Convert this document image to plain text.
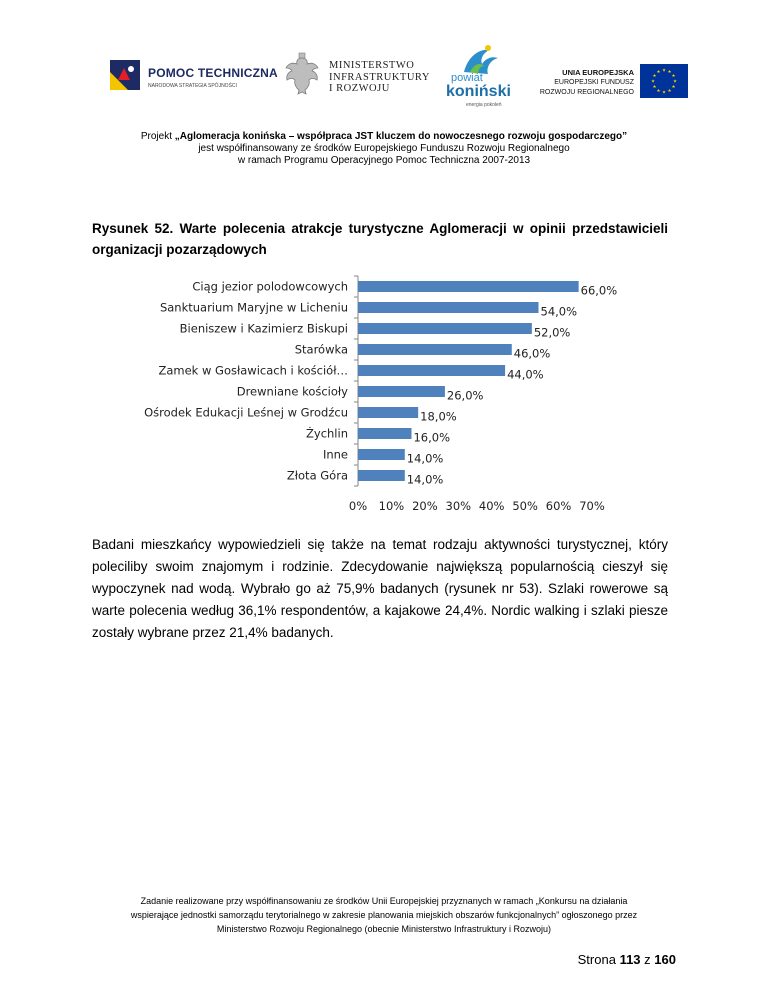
POMOC TECHNICZNA
NARODOWA STRATEGIA SPÓJNOŚCI
MINISTERSTWO
INFRASTRUKTURY
I ROZWOJU
powiat
koniński
energia pokoleń
UNIA EUROPEJSKA
EUROPEJSKI FUNDUSZ
ROZWOJU REGIONALNEGO
★
★
★
★
★
★
★
★
★ ★ ★
★
Projekt „Aglomeracja konińska – współpraca JST kluczem do nowoczesnego rozwoju gospodarczego”
jest współfinansowany ze środków Europejskiego Funduszu Rozwoju Regionalnego
w ramach Programu Operacyjnego Pomoc Techniczna 2007-2013
Rysunek 52. Warte polecenia atrakcje turystyczne Aglomeracji w opinii przedstawicieli organizacji pozarządowych
Ciąg jezior polodowcowych	66,0%
Sanktuarium Maryjne w Licheniu	54,0%
Bieniszew i Kazimierz Biskupi	52,0%
Starówka	46,0%
Zamek w Gosławicach i kościół…	44,0%
Drewniane kościoły	26,0%
Ośrodek Edukacji Leśnej w Grodźcu	18,0%
Żychlin	16,0%
Inne	14,0%
Złota Góra	14,0%
0% 10% 20% 30% 40% 50% 60% 70%
Badani mieszkańcy wypowiedzieli się także na temat rodzaju aktywności turystycznej, który poleciliby swoim znajomym i rodzinie. Zdecydowanie największą popularnością cieszył się wypoczynek nad wodą. Wybrało go aż 75,9% badanych (rysunek nr 53). Szlaki rowerowe są warte polecenia według 36,1% respondentów, a kajakowe 24,4%. Nordic walking i szlaki piesze zostały wybrane przez 21,4% badanych.
Zadanie realizowane przy współfinansowaniu ze środków Unii Europejskiej przyznanych w ramach „Konkursu na działania
wspierające jednostki samorządu terytorialnego w zakresie planowania miejskich obszarów funkcjonalnych” ogłoszonego przez
Ministerstwo Rozwoju Regionalnego (obecnie Ministerstwo Infrastruktury i Rozwoju)
Strona 113 z 160
